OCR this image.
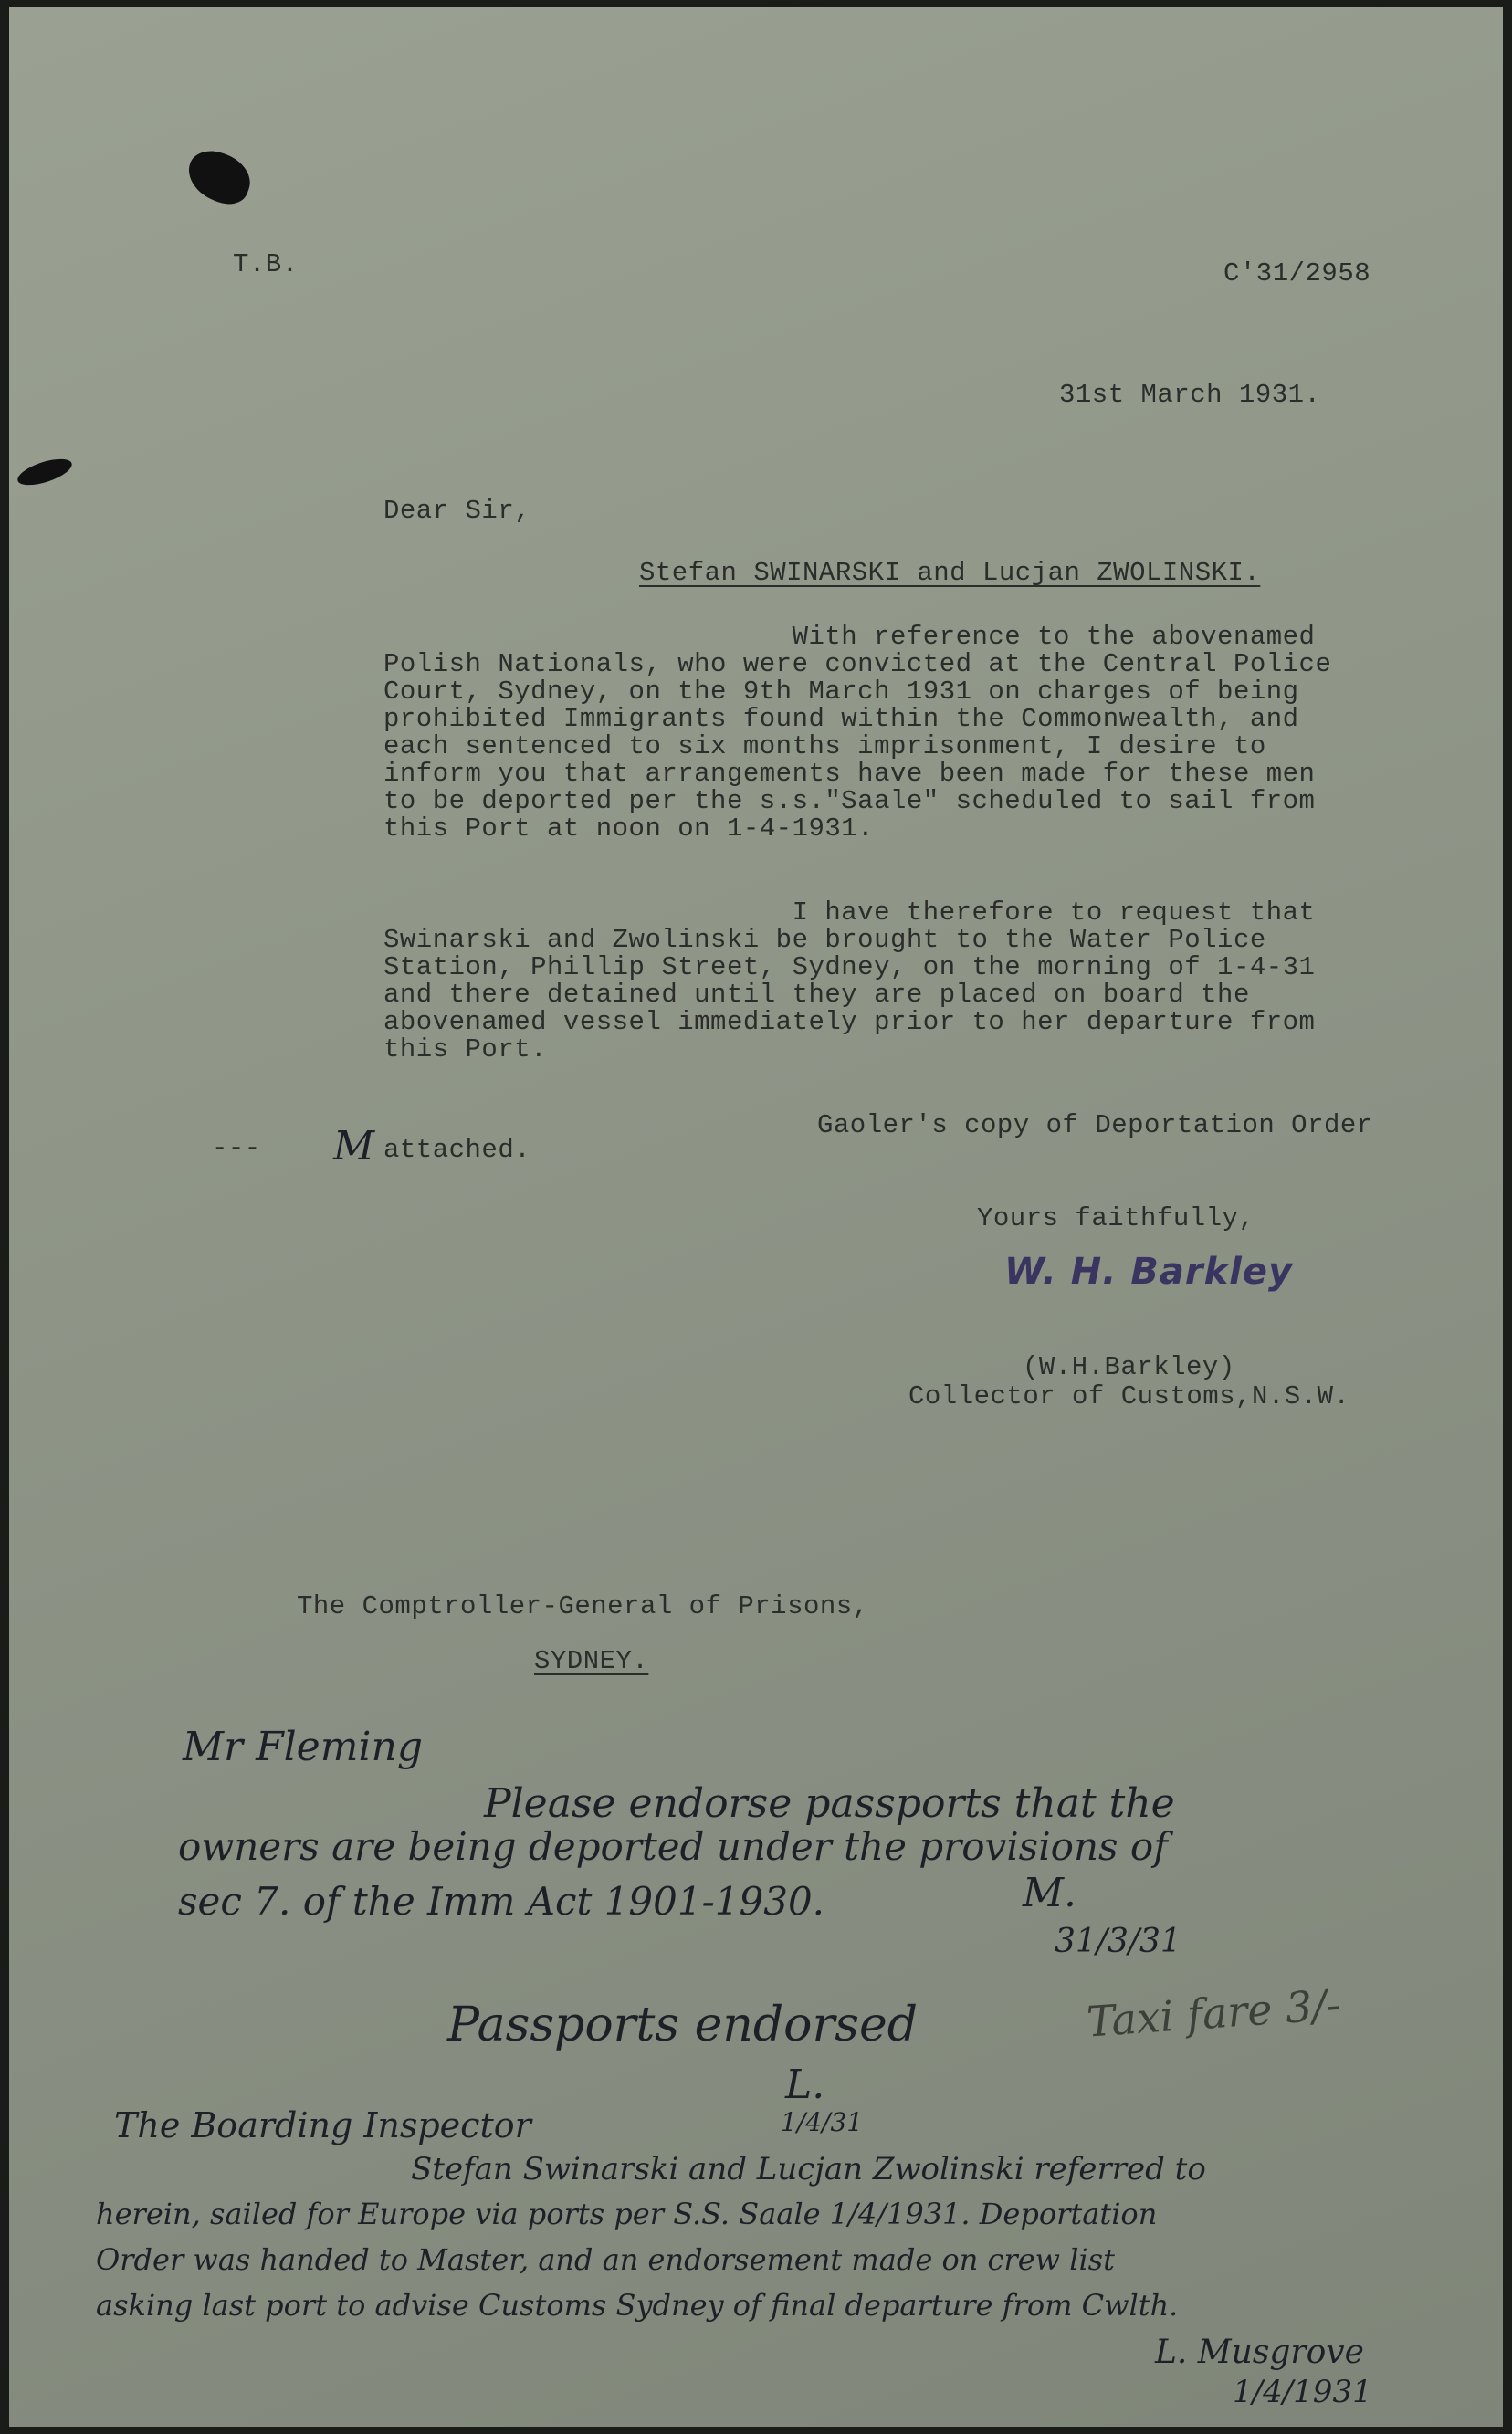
T.B.	C'31/2958
31st March 1931.
Dear Sir,
Stefan SWINARSKI and Lucjan ZWOLINSKI.
With reference to the abovenamed
Polish Nationals, who were convicted at the Central Police
Court, Sydney, on the 9th March 1931 on charges of being
prohibited Immigrants found within the Commonwealth, and
each sentenced to six months imprisonment, I desire to
inform you that arrangements have been made for these men
to be deported per the s.s."Saale" scheduled to sail from
this Port at noon on 1-4-1931.
I have therefore to request that
Swinarski and Zwolinski be brought to the Water Police
Station, Phillip Street, Sydney, on the morning of 1-4-31
and there detained until they are placed on board the
abovenamed vessel immediately prior to her departure from
this Port.
Gaoler's copy of Deportation Order
--- M attached.
Yours faithfully,
W. H. Barkley
(W.H.Barkley)
Collector of Customs,N.S.W.
The Comptroller-General of Prisons,
SYDNEY.
Mr Fleming
Please endorse passports that the
owners are being deported under the provisions of
sec 7. of the Imm Act 1901-1930.	M.
31/3/31
Passports endorsed
L.
1/4/31
Taxi fare 3/-
The Boarding Inspector
Stefan Swinarski and Lucjan Zwolinski referred to
herein, sailed for Europe via ports per S.S. Saale 1/4/1931. Deportation
Order was handed to Master, and an endorsement made on crew list
asking last port to advise Customs Sydney of final departure from Cwlth.
L. Musgrove
1/4/1931
